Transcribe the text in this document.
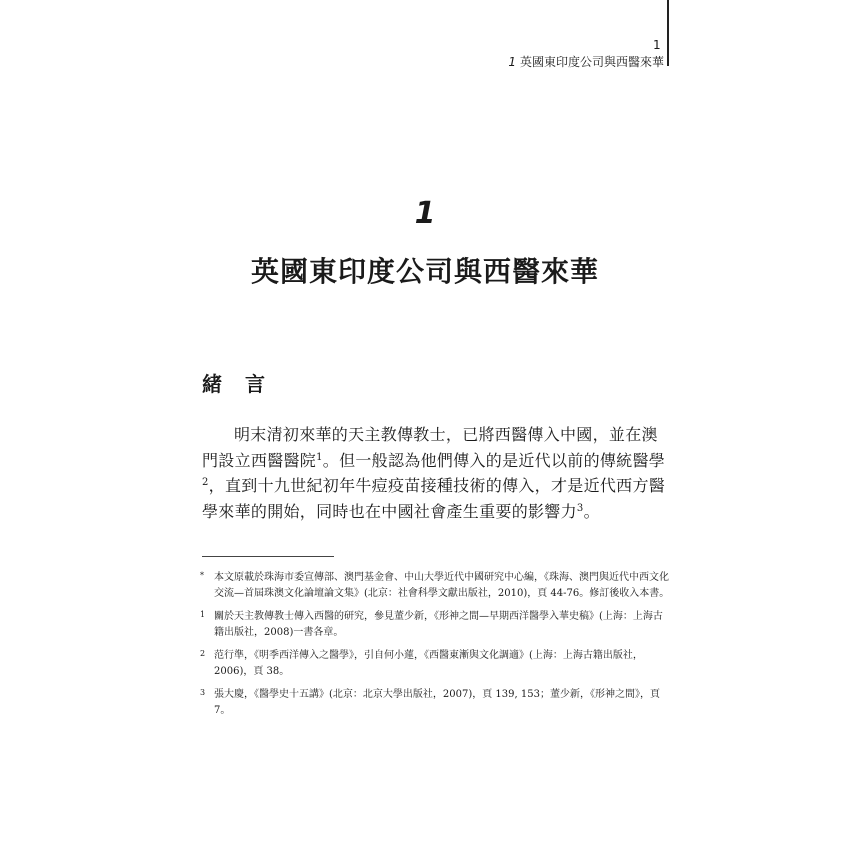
1
1 英國東印度公司與西醫來華
1
英國東印度公司與西醫來華
緒 言

明末清初來華的天主教傳教士，已將西醫傳入中國，並在澳門設立西醫醫院$^1$。但一般認為他們傳入的是近代以前的傳統醫學$^2$，直到十九世紀初年牛痘疫苗接種技術的傳入，才是近代西方醫學來華的開始，同時也在中國社會產生重要的影響力$^3$。

* 本文原載於珠海市委宣傳部、澳門基金會、中山大學近代中國研究中心編，《珠海、澳門與近代中西文化交流—首屆珠澳文化論壇論文集》(北京：社會科學文獻出版社，2010)，頁 44-76。修訂後收入本書。
1 關於天主教傳教士傳入西醫的研究，參見董少新，《形神之間—早期西洋醫學入華史稿》(上海：上海古籍出版社，2008)一書各章。
2 范行準，《明季西洋傳入之醫學》，引自何小蓮，《西醫東漸與文化調適》(上海：上海古籍出版社，2006)，頁 38。
3 張大慶，《醫學史十五講》(北京：北京大學出版社，2007)，頁 139, 153；董少新，《形神之間》，頁 7。
